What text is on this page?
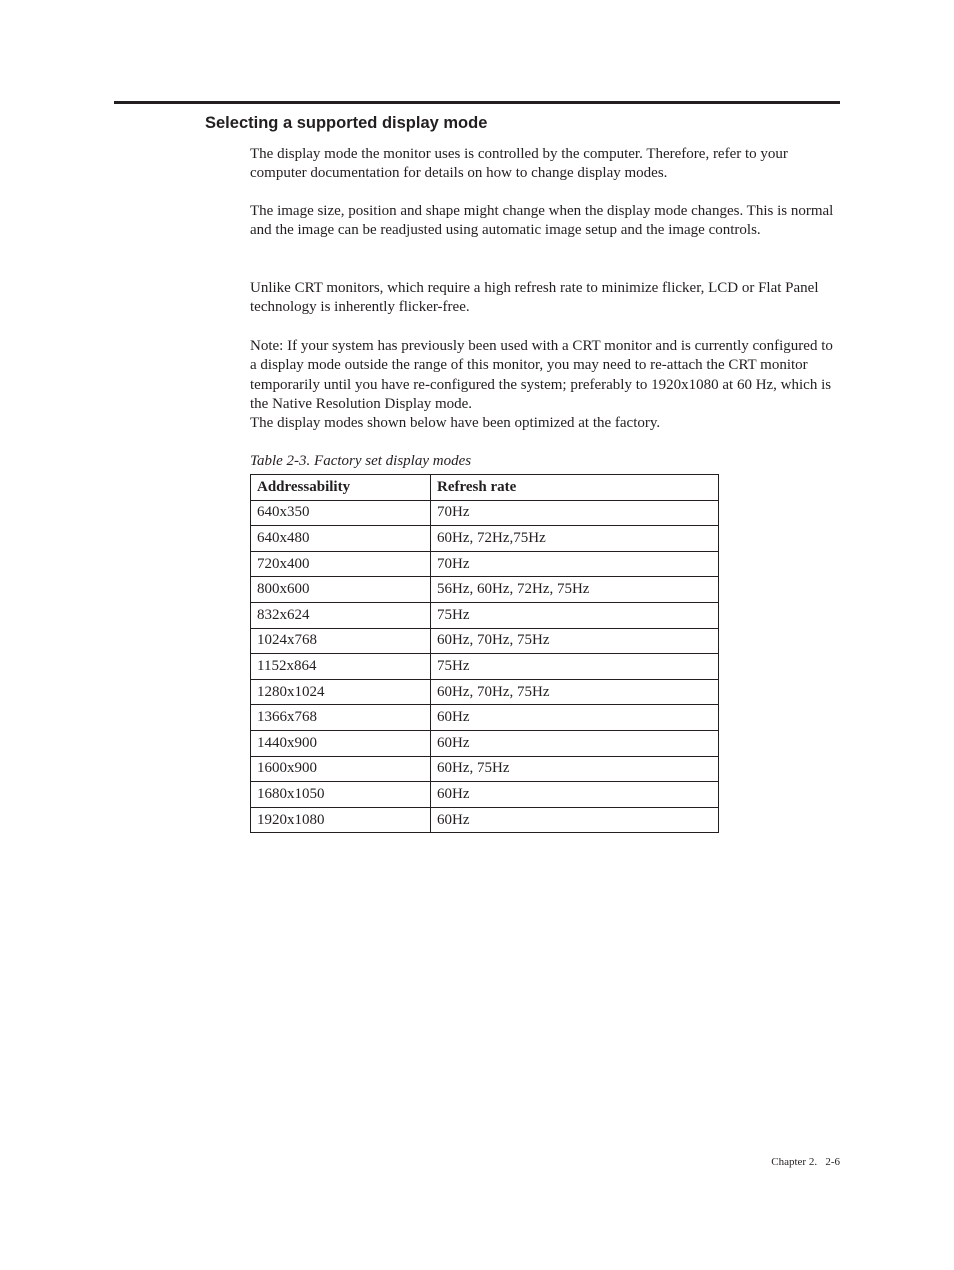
Selecting a supported display mode

The display mode the monitor uses is controlled by the computer. Therefore, refer to your computer documentation for details on how to change display modes.

The image size, position and shape might change when the display mode changes. This is normal and the image can be readjusted using automatic image setup and the image controls.

Unlike CRT monitors, which require a high refresh rate to minimize flicker, LCD or Flat Panel technology is inherently flicker-free.

Note: If your system has previously been used with a CRT monitor and is currently configured to a display mode outside the range of this monitor, you may need to re-attach the CRT monitor temporarily until you have re-configured the system; preferably to 1920x1080 at 60 Hz, which is the Native Resolution Display mode.

The display modes shown below have been optimized at the factory.

Table 2-3. Factory set display modes

Addressability	Refresh rate
640x350	70Hz
640x480	60Hz, 72Hz,75Hz
720x400	70Hz
800x600	56Hz, 60Hz, 72Hz, 75Hz
832x624	75Hz
1024x768	60Hz, 70Hz, 75Hz
1152x864	75Hz
1280x1024	60Hz, 70Hz, 75Hz
1366x768	60Hz
1440x900	60Hz
1600x900	60Hz, 75Hz
1680x1050	60Hz
1920x1080	60Hz

Chapter 2.   2-6
